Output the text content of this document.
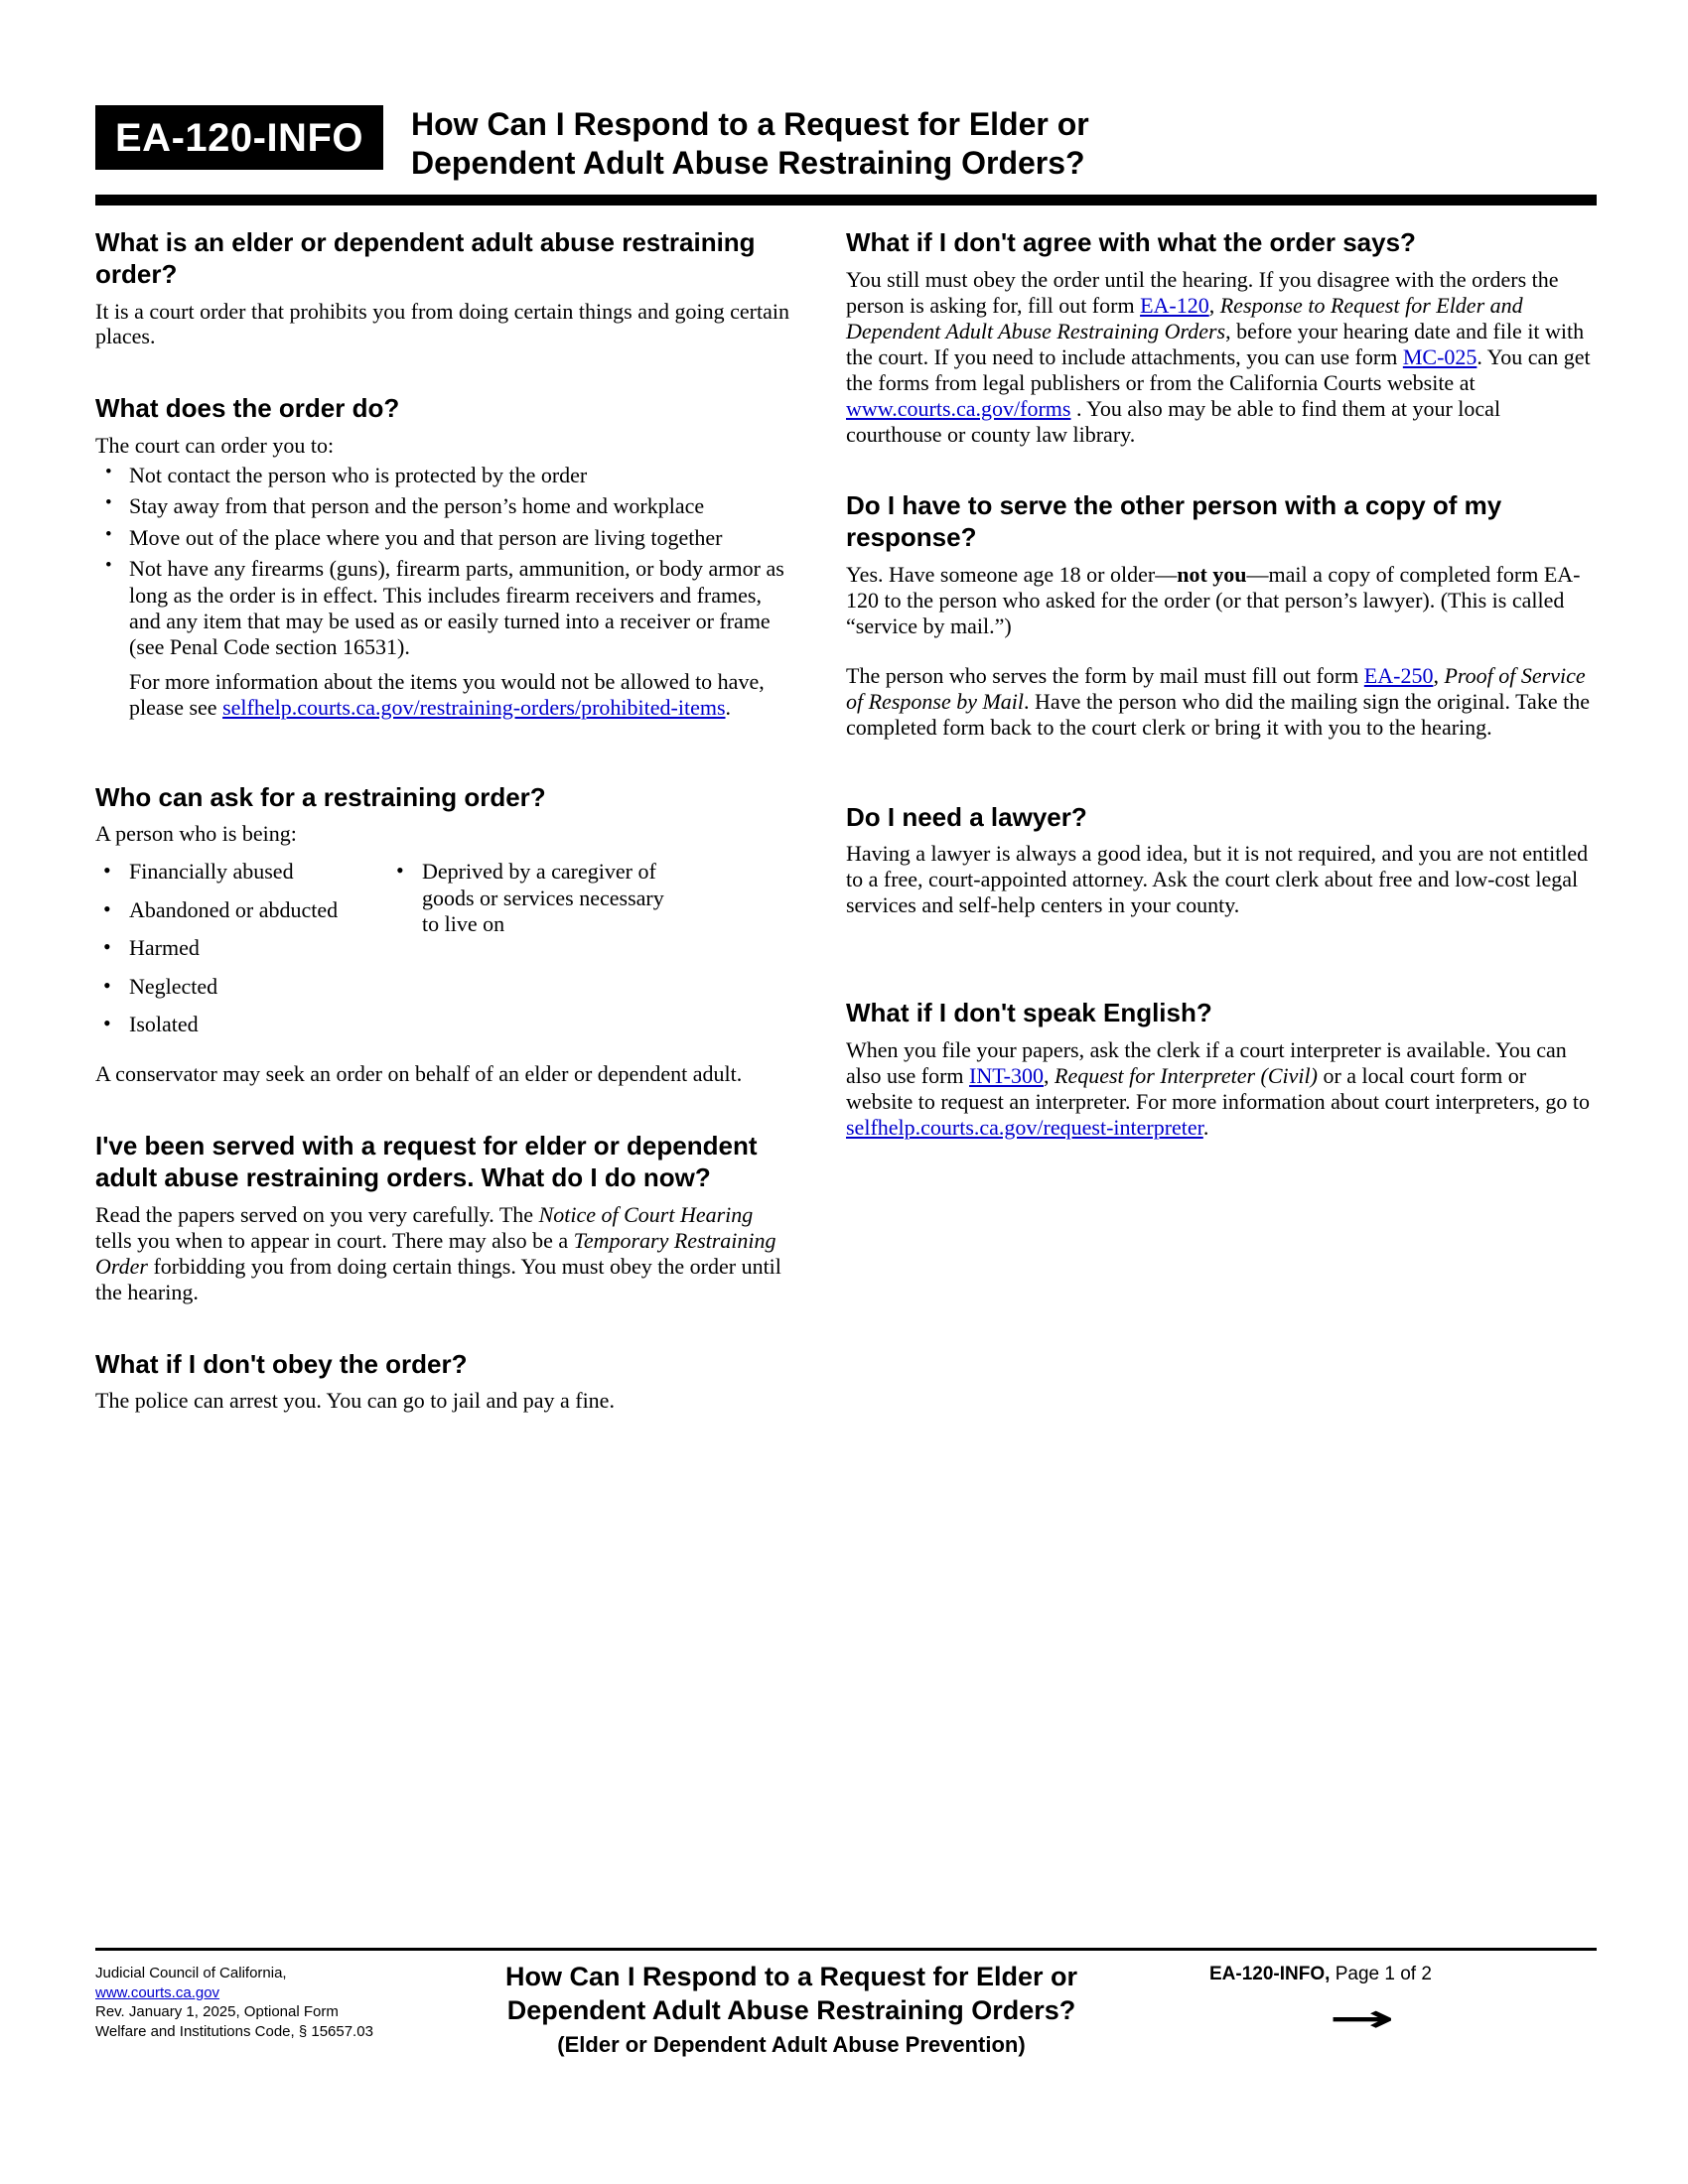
EA-120-INFO	How Can I Respond to a Request for Elder or
Dependent Adult Abuse Restraining Orders?
What is an elder or dependent adult abuse restraining order?

It is a court order that prohibits you from doing certain things and going certain places.

What does the order do?

The court can order you to:

• Not contact the person who is protected by the order
• Stay away from that person and the person’s home and workplace
• Move out of the place where you and that person are living together
• Not have any firearms (guns), firearm parts, ammunition, or body armor as long as the order is in effect. This includes firearm receivers and frames, and any item that may be used as or easily turned into a receiver or frame (see Penal Code section 16531).

For more information about the items you would not be allowed to have, please see selfhelp.courts.ca.gov/restraining-orders/prohibited-items.

Who can ask for a restraining order?

A person who is being:

• Financially abused
• Abandoned or abducted
• Harmed
• Neglected
• Isolated
• Deprived by a caregiver of goods or services necessary to live on

A conservator may seek an order on behalf of an elder or dependent adult.

I've been served with a request for elder or dependent adult abuse restraining orders. What do I do now?

Read the papers served on you very carefully. The Notice of Court Hearing tells you when to appear in court. There may also be a Temporary Restraining Order forbidding you from doing certain things. You must obey the order until the hearing.

What if I don't obey the order?

The police can arrest you. You can go to jail and pay a fine.

What if I don't agree with what the order says?

You still must obey the order until the hearing. If you disagree with the orders the person is asking for, fill out form EA-120, Response to Request for Elder and Dependent Adult Abuse Restraining Orders, before your hearing date and file it with the court. If you need to include attachments, you can use form MC-025. You can get the forms from legal publishers or from the California Courts website at www.courts.ca.gov/forms . You also may be able to find them at your local courthouse or county law library.

Do I have to serve the other person with a copy of my response?

Yes. Have someone age 18 or older—not you—mail a copy of completed form EA-120 to the person who asked for the order (or that person’s lawyer). (This is called “service by mail.”)

The person who serves the form by mail must fill out form EA-250, Proof of Service of Response by Mail. Have the person who did the mailing sign the original. Take the completed form back to the court clerk or bring it with you to the hearing.

Do I need a lawyer?

Having a lawyer is always a good idea, but it is not required, and you are not entitled to a free, court-appointed attorney. Ask the court clerk about free and low-cost legal services and self-help centers in your county.

What if I don't speak English?

When you file your papers, ask the clerk if a court interpreter is available. You can also use form INT-300, Request for Interpreter (Civil) or a local court form or website to request an interpreter. For more information about court interpreters, go to selfhelp.courts.ca.gov/request-interpreter.

Judicial Council of California, www.courts.ca.gov
Rev. January 1, 2025, Optional Form
Welfare and Institutions Code, § 15657.03
How Can I Respond to a Request for Elder or
Dependent Adult Abuse Restraining Orders?
(Elder or Dependent Adult Abuse Prevention)
EA-120-INFO, Page 1 of 2
→
